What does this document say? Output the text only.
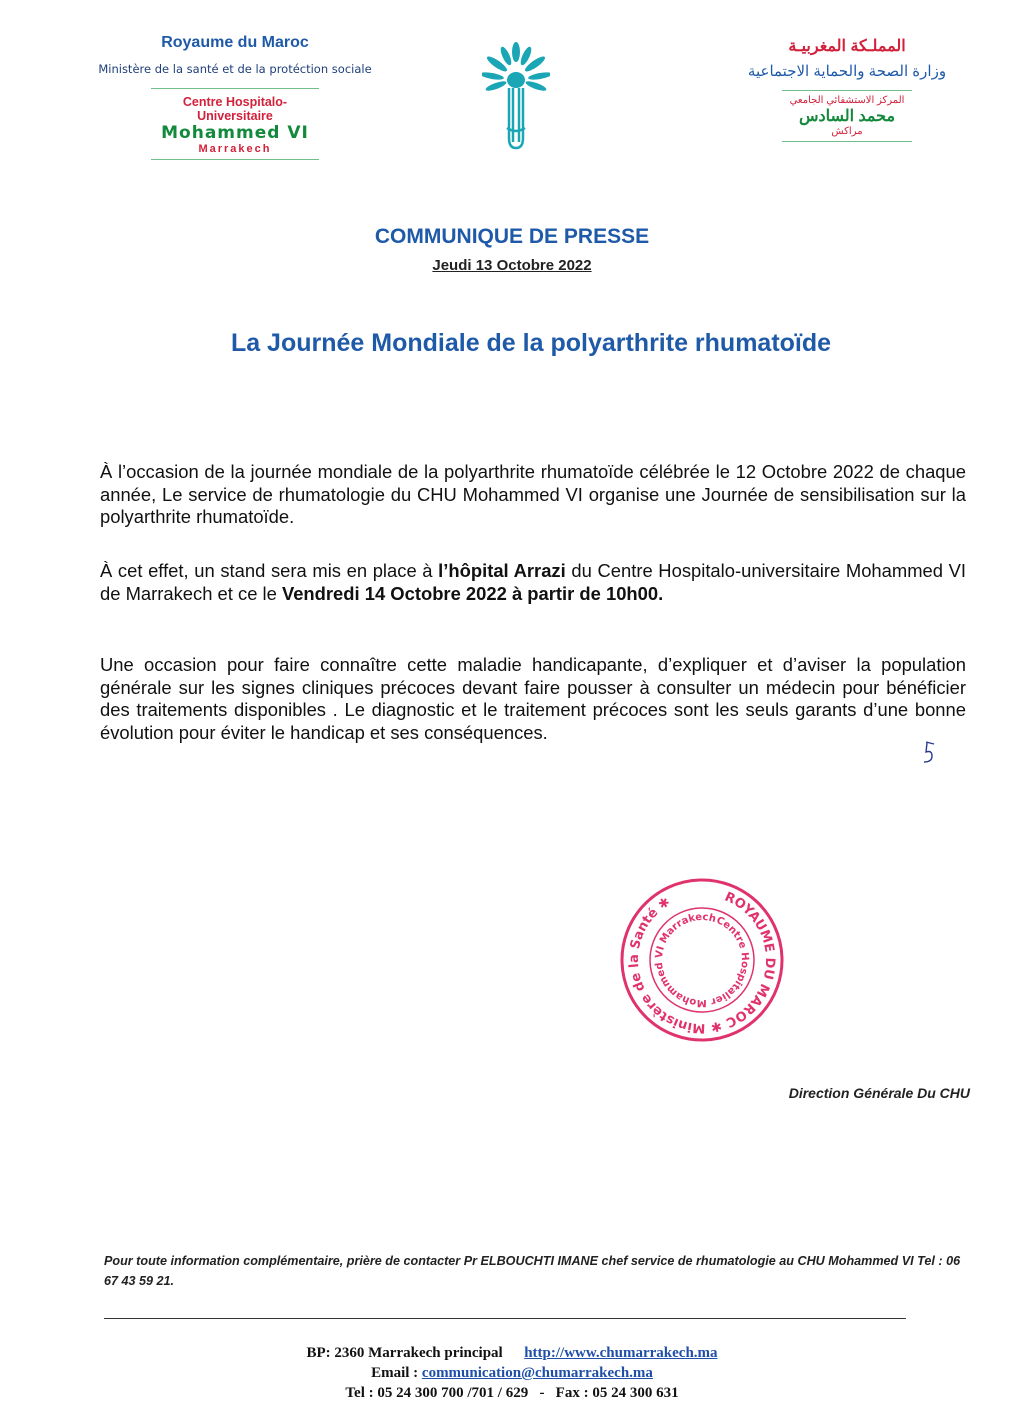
Royaume du Maroc
Ministère de la santé et de la protéction sociale
Centre Hospitalo-Universitaire
Mohammed VI
Marrakech
المملـكة المغربيـة
وزارة الصحة والحماية الاجتماعية
المركز الاستشفائي الجامعي
محمد السادس
مراكش
COMMUNIQUE DE PRESSE
Jeudi 13 Octobre 2022
La Journée Mondiale de la polyarthrite rhumatoïde
À l’occasion de la journée mondiale de la polyarthrite rhumatoïde célébrée le 12 Octobre 2022 de chaque année, Le service de rhumatologie du CHU Mohammed VI organise une Journée de sensibilisation sur la polyarthrite rhumatoïde.
À cet effet, un stand sera mis en place à l’hôpital Arrazi du Centre Hospitalo-universitaire Mohammed VI de Marrakech et ce le Vendredi 14 Octobre 2022 à partir de 10h00.
Une occasion pour faire connaître cette maladie handicapante, d’expliquer et d’aviser la population générale sur les signes cliniques précoces devant faire pousser à consulter un médecin pour bénéficier des traitements disponibles . Le diagnostic et le traitement précoces sont les seuls garants d’une bonne évolution pour éviter le handicap et ses conséquences.
ROYAUME DU MAROC ✱ Ministère de la Santé ✱
Centre Hospitalier Mohammed VI Marrakech
Direction Générale Du CHU
Pour toute information complémentaire, prière de contacter Pr ELBOUCHTI IMANE chef service de rhumatologie au CHU Mohammed VI Tel : 06 67 43 59 21.
BP: 2360 Marrakech principal http://www.chumarrakech.ma
Email : communication@chumarrakech.ma
Tel : 05 24 300 700 /701 / 629   -   Fax : 05 24 300 631
